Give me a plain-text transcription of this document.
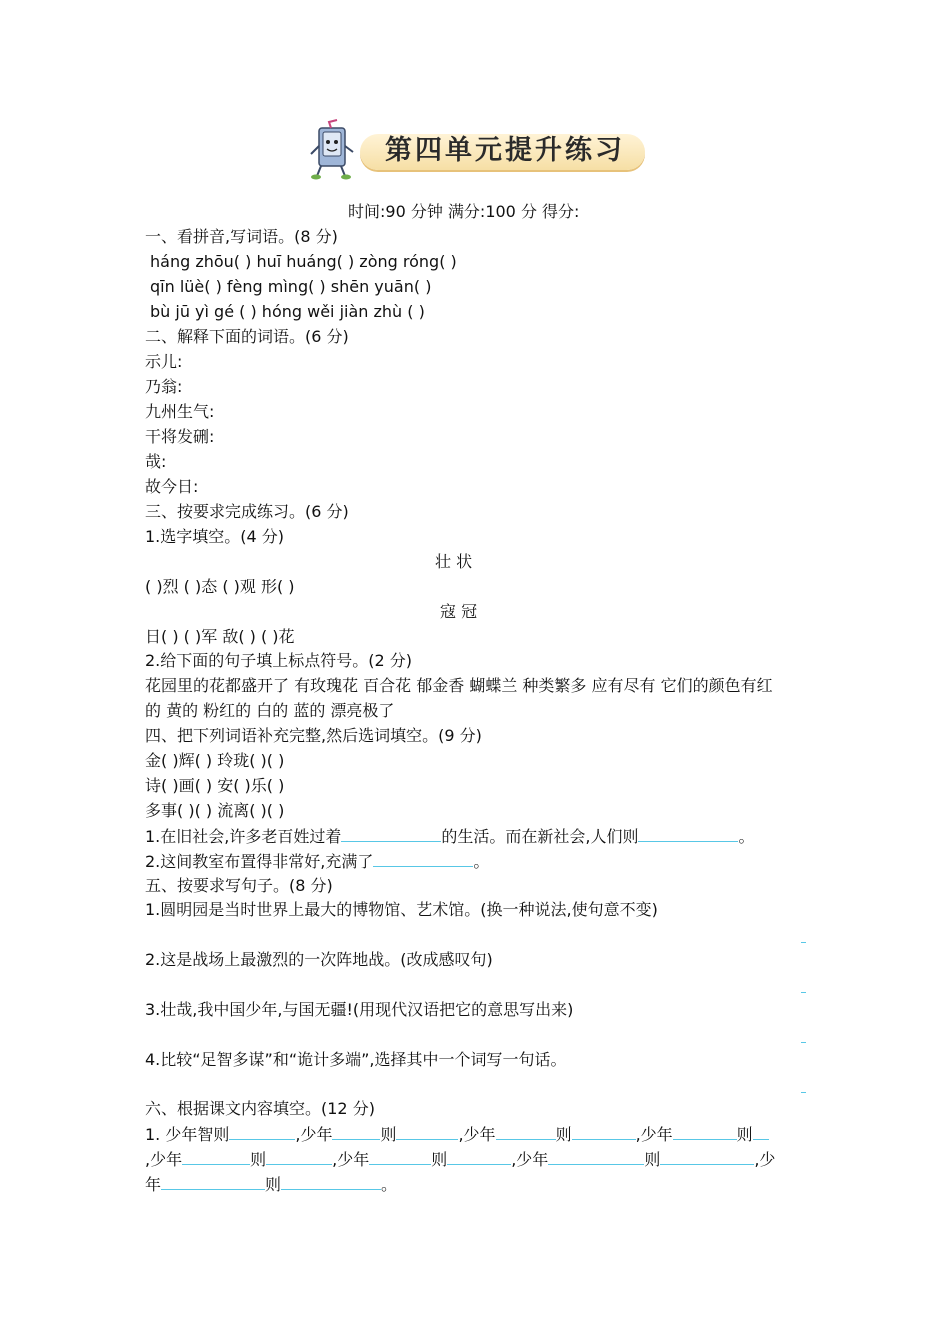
第四单元提升练习
时间:90 分钟 满分:100 分 得分:
一、看拼音,写词语。(8 分)
háng zhōu( ) huī huáng( ) zòng róng( )
qīn lüè( ) fèng mìng( ) shēn yuān( )
bù jū yì gé ( ) hóng wěi jiàn zhù ( )
二、解释下面的词语。(6 分)
示儿:
乃翁:
九州生气:
干将发硎:
哉:
故今日:
三、按要求完成练习。(6 分)
1.选字填空。(4 分)
壮 状
( )烈 ( )态 ( )观 形( )
寇 冠
日( ) ( )军 敌( ) ( )花
2.给下面的句子填上标点符号。(2 分)
花园里的花都盛开了 有玫瑰花 百合花 郁金香 蝴蝶兰 种类繁多 应有尽有 它们的颜色有红
的 黄的 粉红的 白的 蓝的 漂亮极了
四、把下列词语补充完整,然后选词填空。(9 分)
金( )辉( ) 玲珑( )( )
诗( )画( ) 安( )乐( )
多事( )( ) 流离( )( )
1.在旧社会,许多老百姓过着	的生活。而在新社会,人们则	。
2.这间教室布置得非常好,充满了	。
五、按要求写句子。(8 分)
1.圆明园是当时世界上最大的博物馆、艺术馆。(换一种说法,使句意不变)
2.这是战场上最激烈的一次阵地战。(改成感叹句)
3.壮哉,我中国少年,与国无疆!(用现代汉语把它的意思写出来)
4.比较“足智多谋”和“诡计多端”,选择其中一个词写一句话。
六、根据课文内容填空。(12 分)
1. 少年智则	,少年	则	,少年	则	,少年	则
,少年	则	,少年	则	,少年	则	,少
年	则	。
